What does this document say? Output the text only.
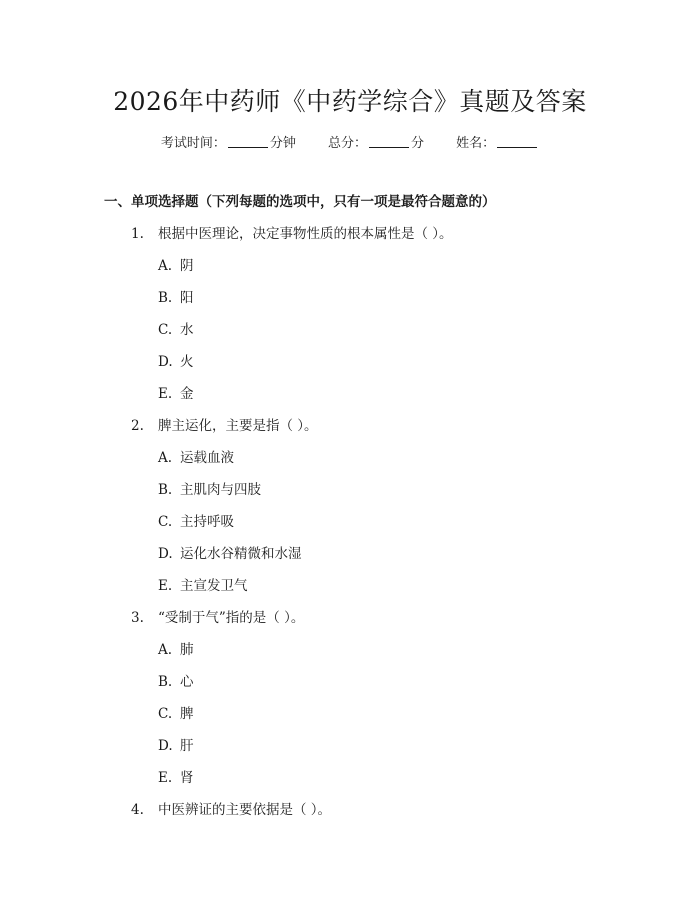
2026年中药师《中药学综合》真题及答案
考试时间：	分钟 总分：	分 姓名：
一、单项选择题（下列每题的选项中，只有一项是最符合题意的）
1. 根据中医理论，决定事物性质的根本属性是（ ）。
A. 阴
B. 阳
C. 水
D. 火
E. 金
2. 脾主运化，主要是指（ ）。
A. 运载血液
B. 主肌肉与四肢
C. 主持呼吸
D. 运化水谷精微和水湿
E. 主宣发卫气
3. “受制于气”指的是（ ）。
A. 肺
B. 心
C. 脾
D. 肝
E. 肾
4. 中医辨证的主要依据是（ ）。
